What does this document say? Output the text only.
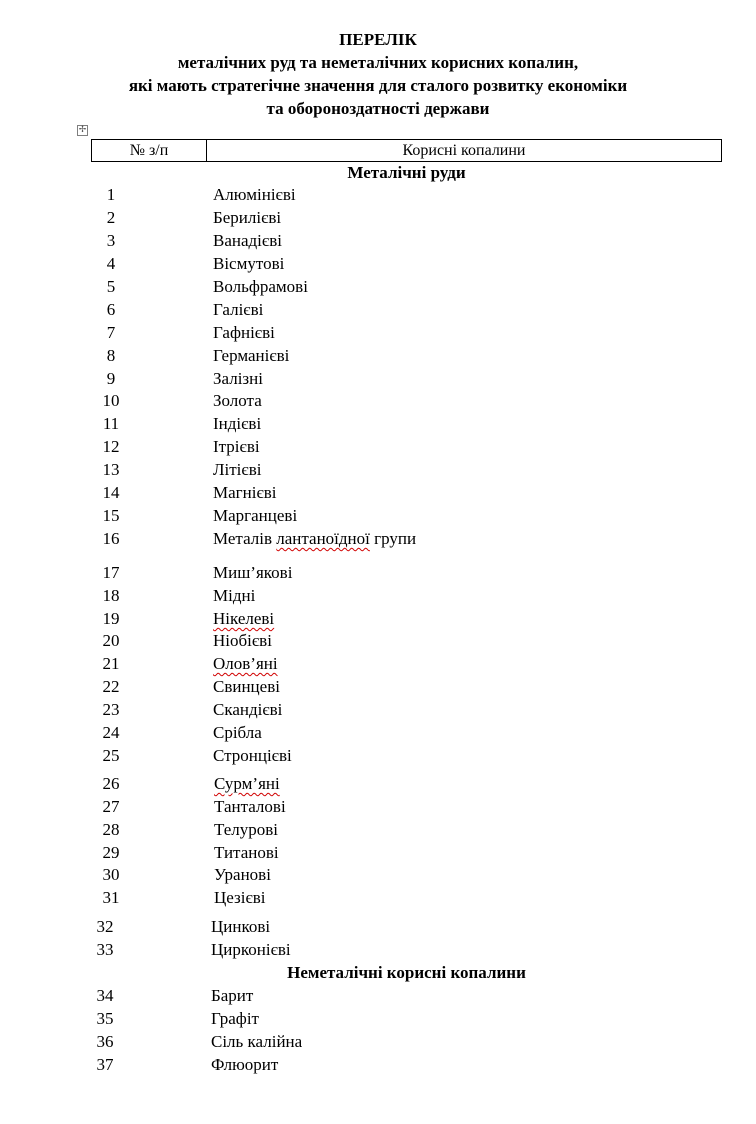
ПЕРЕЛІК
металічних руд та неметалічних корисних копалин,
які мають стратегічне значення для сталого розвитку економіки
та обороноздатності держави
✢
№ з/п	Корисні копалини
Металічні руди
1	Алюмінієві
2	Берилієві
3	Ванадієві
4	Вісмутові
5	Вольфрамові
6	Галієві
7	Гафнієві
8	Германієві
9	Залізні
10	Золота
11	Індієві
12	Ітрієві
13	Літієві
14	Магнієві
15	Марганцеві
16	Металів лантаноїдної групи
17	Миш’якові
18	Мідні
19	Нікелеві
20	Ніобієві
21	Олов’яні
22	Свинцеві
23	Скандієві
24	Срібла
25	Стронцієві
26	Сурм’яні
27	Танталові
28	Телурові
29	Титанові
30	Уранові
31	Цезієві
32	Цинкові
33	Цирконієві
Неметалічні корисні копалини
34	Барит
35	Графіт
36	Сіль калійна
37	Флюорит
